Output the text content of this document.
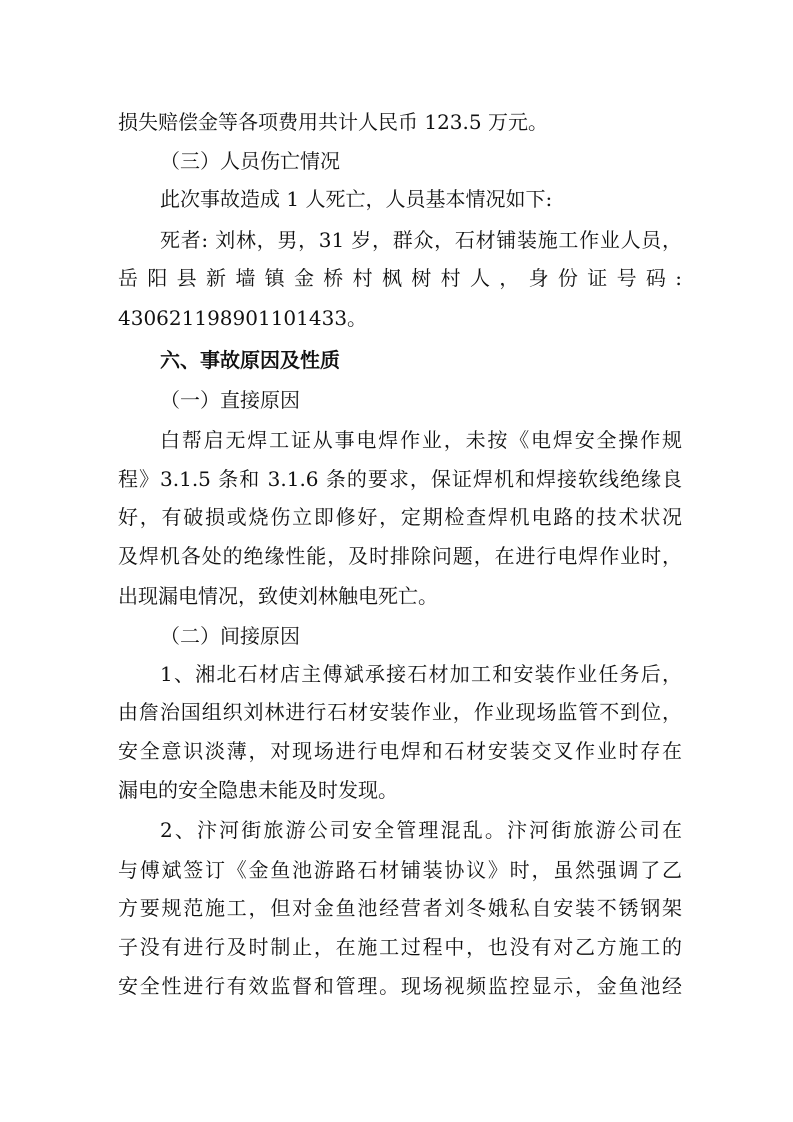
损失赔偿金等各项费用共计人民币 123.5 万元。
（三）人员伤亡情况
此次事故造成 1 人死亡，人员基本情况如下:
死者: 刘林，男，31 岁，群众，石材铺装施工作业人员，
岳阳县新墙镇金桥村枫树村人，身份证号码:
430621198901101433。
六、事故原因及性质
（一）直接原因
白帮启无焊工证从事电焊作业，未按《电焊安全操作规
程》3.1.5 条和 3.1.6 条的要求，保证焊机和焊接软线绝缘良
好，有破损或烧伤立即修好，定期检查焊机电路的技术状况
及焊机各处的绝缘性能，及时排除问题，在进行电焊作业时，
出现漏电情况，致使刘林触电死亡。
（二）间接原因
1、湘北石材店主傅斌承接石材加工和安装作业任务后，
由詹治国组织刘林进行石材安装作业，作业现场监管不到位，
安全意识淡薄，对现场进行电焊和石材安装交叉作业时存在
漏电的安全隐患未能及时发现。
2、汴河街旅游公司安全管理混乱。汴河街旅游公司在
与傅斌签订《金鱼池游路石材铺装协议》时，虽然强调了乙
方要规范施工，但对金鱼池经营者刘冬娥私自安装不锈钢架
子没有进行及时制止，在施工过程中，也没有对乙方施工的
安全性进行有效监督和管理。现场视频监控显示，金鱼池经
